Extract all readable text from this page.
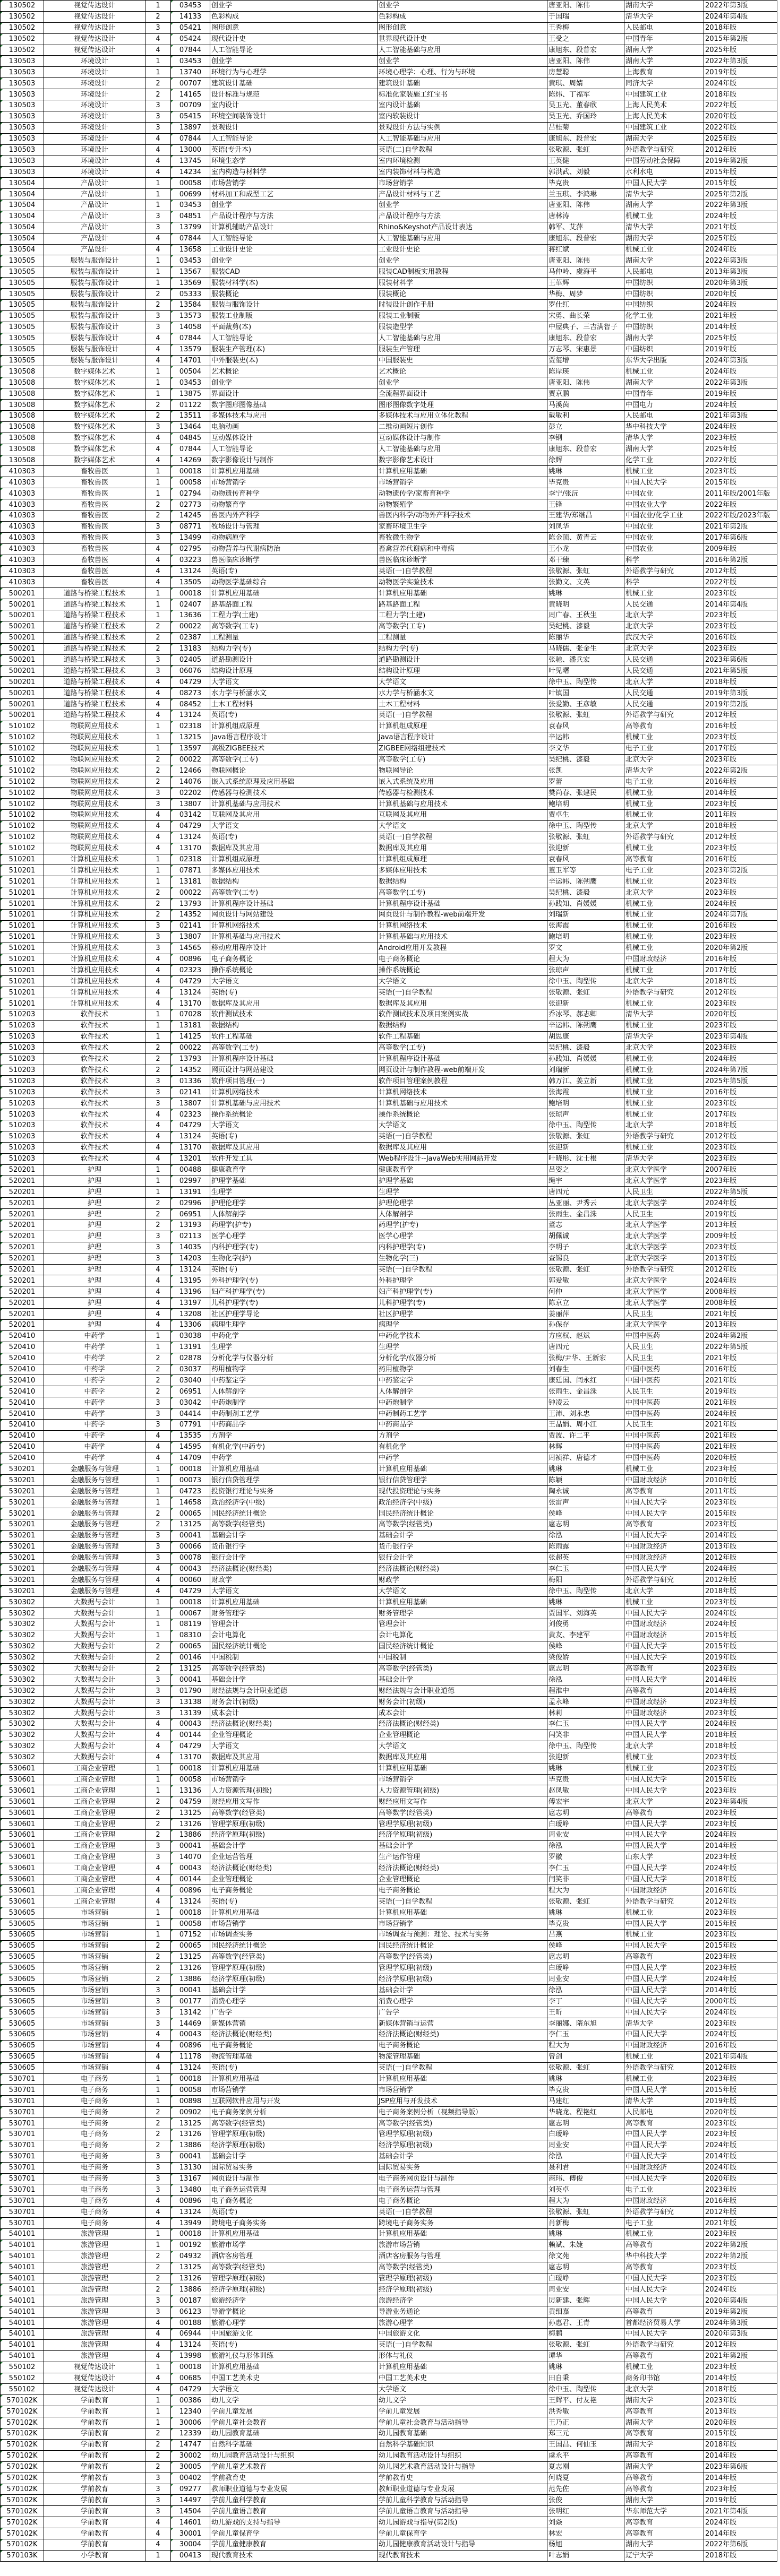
130502	视觉传达设计	1	03453	创业学	创业学	唐亚阳、陈伟	湖南大学	2022年第3版
130502	视觉传达设计	2	14133	色彩构成	色彩构成	于国瑞	清华大学	2024年第4版
130502	视觉传达设计	3	05421	图形创意	图形创意	王秀梅	人民邮电	2018年版
130502	视觉传达设计	4	05424	现代设计史	世界现代设计史	王受之	中国青年	2015年第2版
130502	视觉传达设计	4	07844	人工智能导论	人工智能基础与应用	康旭东、段普宏	湖南大学	2025年版
130503	环境设计	1	03453	创业学	创业学	唐亚阳、陈伟	湖南大学	2022年第3版
130503	环境设计	1	13740	环境行为与心理学	环境心理学：心理、行为与环境	房慧聪	上海教育	2019年版
130503	环境设计	2	00707	建筑设计基础	建筑设计基础	黄琪、周婧	同济大学	2024年版
130503	环境设计	2	14165	设计标准与规范	标准化家装施工红宝书	陈炜、丁福军	中国建筑工业	2018年版
130503	环境设计	3	00709	室内设计	室内设计基础	吴卫光、董春欣	上海人民美术	2022年版
130503	环境设计	3	05415	环境空间装饰设计	室内软装设计	吴卫光、乔国玲	上海人民美术	2020年版
130503	环境设计	3	13897	景观设计	景观设计方法与实例	吕桂菊	中国建筑工业	2022年版
130503	环境设计	4	07844	人工智能导论	人工智能基础与应用	康旭东、段普宏	湖南大学	2025年版
130503	环境设计	4	13000	英语(专升本)	英语(二)自学教程	张敬源、张虹	外语教学与研究	2012年版
130503	环境设计	4	13745	环境生态学	室内环境检测	王英健	中国劳动社会保障	2019年第2版
130503	环境设计	4	14234	室内构造与材料学	室内装饰材料与构造	郭洪武、刘毅	水利水电	2015年版
130504	产品设计	1	00058	市场营销学	市场营销学	毕克贵	中国人民大学	2015年版
130504	产品设计	1	00699	材料加工和成型工艺	产品设计材料与工艺	兰玉琪、李鸿琳	清华大学	2025年第2版
130504	产品设计	1	03453	创业学	创业学	唐亚阳、陈伟	湖南大学	2022年第3版
130504	产品设计	3	04851	产品设计程序与方法	产品设计程序与方法	唐林涛	机械工业	2024年版
130504	产品设计	3	13799	计算机辅助产品设计	Rhino&Keyshot产品设计表达	韩军、艾萍	清华大学	2021年版
130504	产品设计	4	07844	人工智能导论	人工智能基础与应用	康旭东、段普宏	湖南大学	2025年版
130504	产品设计	4	13658	工业设计史论	工业设计史论	蒋红斌	机械工业	2024年版
130505	服装与服饰设计	1	03453	创业学	创业学	唐亚阳、陈伟	湖南大学	2022年第3版
130505	服装与服饰设计	1	13567	服装CAD	服装CAD制板实用教程	马仲岭、虞海平	人民邮电	2013年第3版
130505	服装与服饰设计	1	13569	服装材料学(本)	服装材料学	王革辉	中国纺织	2020年第3版
130505	服装与服饰设计	2	05333	服装概论	服装概论	华梅、周梦	中国纺织	2020年版
130505	服装与服饰设计	2	13584	服装与服饰设计	时装设计创作手册	罗仕红	中国纺织	2024年版
130505	服装与服饰设计	3	13573	服装工业制版	服装工业制版	宋勇、曲长荣	化学工业	2021年版
130505	服装与服饰设计	3	14058	平面裁剪(本)	服装造型学	中屋典子、三吉满智子	中国纺织	2014年版
130505	服装与服饰设计	4	07844	人工智能导论	人工智能基础与应用	康旭东、段普宏	湖南大学	2025年版
130505	服装与服饰设计	4	13579	服装生产管理(本)	服装生产管理	万志琴、宋惠景	中国纺织	2019年版
130505	服装与服饰设计	4	14701	中外服装史(本)	中国服装史	贾玺增	东华大学出版	2024年第3版
130508	数字媒体艺术	1	00504	艺术概论	艺术概论	陈岸瑛	机械工业	2024年版
130508	数字媒体艺术	1	03453	创业学	创业学	唐亚阳、陈伟	湖南大学	2022年第3版
130508	数字媒体艺术	1	13875	界面设计	全流程界面设计	贾京鹏	中国青年	2019年版
130508	数字媒体艺术	2	01122	数字图形图像基础	图形图像数字处理	马溪茵	中国电力	2024年版
130508	数字媒体艺术	2	13511	多媒体技术与应用	多媒体技术与应用立体化教程	戴敏利	人民邮电	2021年第3版
130508	数字媒体艺术	3	13464	电脑动画	二维动画短片创作	彭立	华中科技大学	2024年版
130508	数字媒体艺术	4	04845	互动媒体设计	互动媒体设计与制作	李钢	清华大学	2023年版
130508	数字媒体艺术	4	07844	人工智能导论	人工智能基础与应用	康旭东、段普宏	湖南大学	2025年版
130508	数字媒体艺术	4	14269	数字影像设计与制作	数字影像艺术设计	徐辉	化学工业	2022年版
410303	畜牧兽医	1	00018	计算机应用基础	计算机应用基础	姚琳	机械工业	2023年版
410303	畜牧兽医	1	00058	市场营销学	市场营销学	毕克贵	中国人民大学	2015年版
410303	畜牧兽医	1	02794	动物遗传育种学	动物遗传学/家畜育种学	李宁/张沅	中国农业	2011年版/2001年版
410303	畜牧兽医	2	02773	动物繁育学	动物繁殖学	王锋	中国农业大学	2022年版
410303	畜牧兽医	2	14245	兽医内外产科学	兽医内科学/动物外产科学技术	王建华/郑继昌	中国农业/化学工业	2022年版/2023年版
410303	畜牧兽医	3	08771	牧场设计与管理	家畜环境卫生学	刘凤华	中国农业	2021年第2版
410303	畜牧兽医	3	13499	动物病原学	畜牧微生物学	陈金顶、黄青云	中国农业	2017年第6版
410303	畜牧兽医	4	02795	动物营养与代谢病防治	畜禽营养代谢病和中毒病	王小龙	中国农业	2009年版
410303	畜牧兽医	4	03223	兽医临床诊断学	兽医临床诊断学	邓干臻	科学	2016年第2版
410303	畜牧兽医	4	13124	英语(专)	英语(一)自学教程	张敬源、张虹	外语教学与研究	2012年版
410303	畜牧兽医	4	13505	动物医学基础综合	动物医学实验技术	张勤文、文英	科学	2022年版
500201	道路与桥梁工程技术	1	00018	计算机应用基础	计算机应用基础	姚琳	机械工业	2023年版
500201	道路与桥梁工程技术	1	02407	路基路面工程	路基路面工程	黄晓明	人民交通	2014年第4版
500201	道路与桥梁工程技术	1	13636	工程力学(土建)	工程力学(土建)	周广春、王秋生	北京大学	2023年版
500201	道路与桥梁工程技术	2	00022	高等数学(工专)	高等数学(工专)	吴纪桃、漆毅	北京大学	2023年版
500201	道路与桥梁工程技术	2	02387	工程测量	工程测量	陈丽华	武汉大学	2016年版
500201	道路与桥梁工程技术	2	13183	结构力学(专)	结构力学(专)	马晓儒、张金生	北京大学	2023年版
500201	道路与桥梁工程技术	3	02405	道路勘测设计	道路勘测设计	张驰、潘兵宏	人民交通	2023年第6版
500201	道路与桥梁工程技术	3	06076	结构设计原理	结构设计原理	叶见曙	人民交通	2021年第5版
500201	道路与桥梁工程技术	4	04729	大学语文	大学语文	徐中玉、陶型传	北京大学	2018年版
500201	道路与桥梁工程技术	4	08273	水力学与桥涵水文	水力学与桥涵水文	叶镇国	人民交通	2019年第3版
500201	道路与桥梁工程技术	4	08452	土木工程材料	土木工程材料	张爱勤、王彦敏	人民交通	2019年第2版
500201	道路与桥梁工程技术	4	13124	英语(专)	英语(一)自学教程	张敬源、张虹	外语教学与研究	2012年版
510102	物联网应用技术	1	02318	计算机组成原理	计算机组成原理	袁春风	高等教育	2016年版
510102	物联网应用技术	1	13215	Java语言程序设计	Java语言程序设计	辛运帏	机械工业	2023年版
510102	物联网应用技术	1	13597	高级ZIGBEE技术	ZIGBEE网络组建技术	李文华	电子工业	2017年版
510102	物联网应用技术	2	00022	高等数学(工专)	高等数学(工专)	吴纪桃、漆毅	北京大学	2023年版
510102	物联网应用技术	2	12466	物联网概论	物联网导论	张凯	清华大学	2022年第2版
510102	物联网应用技术	2	14076	嵌入式系统原理及应用基础	嵌入式系统及应用	罗蕾	电子工业	2016年版
510102	物联网应用技术	3	02202	传感器与检测技术	传感器与检测技术	樊尚春、张建民	机械工业	2014年版
510102	物联网应用技术	3	13807	计算机基础与应用技术	计算机基础与应用技术	鲍培明	机械工业	2023年版
510102	物联网应用技术	4	03142	互联网及其应用	互联网及其应用	贾卓生	机械工业	2011年版
510102	物联网应用技术	4	04729	大学语文	大学语文	徐中玉、陶型传	北京大学	2018年版
510102	物联网应用技术	4	13124	英语(专)	英语(一)自学教程	张敬源、张虹	外语教学与研究	2012年版
510102	物联网应用技术	4	13170	数据库及其应用	数据库及其应用	张迎新	机械工业	2023年版
510201	计算机应用技术	1	02318	计算机组成原理	计算机组成原理	袁春风	高等教育	2016年版
510201	计算机应用技术	1	07871	多媒体应用技术	多媒体应用技术	董卫军等	电子工业	2023年第2版
510201	计算机应用技术	1	13181	数据结构	数据结构	辛运帏、陈朔鹰	机械工业	2023年版
510201	计算机应用技术	2	00022	高等数学(工专)	高等数学(工专)	吴纪桃、漆毅	北京大学	2023年版
510201	计算机应用技术	2	13793	计算机程序设计基础	计算机程序设计基础	孙践知、肖媛媛	机械工业	2024年版
510201	计算机应用技术	2	14352	网页设计与网站建设	网页设计与制作教程-web前端开发	刘瑞新	机械工业	2024年第7版
510201	计算机应用技术	3	02141	计算机网络技术	计算机网络技术	张海霞	机械工业	2016年版
510201	计算机应用技术	3	13807	计算机基础与应用技术	计算机基础与应用技术	鲍培明	机械工业	2023年版
510201	计算机应用技术	3	14565	移动应用程序设计	Android应用开发教程	罗文	机械工业	2020年第2版
510201	计算机应用技术	4	00896	电子商务概论	电子商务概论	程大为	中国财政经济	2016年版
510201	计算机应用技术	4	02323	操作系统概论	操作系统概论	张琼声	机械工业	2017年版
510201	计算机应用技术	4	04729	大学语文	大学语文	徐中玉、陶型传	北京大学	2018年版
510201	计算机应用技术	4	13124	英语(专)	英语(一)自学教程	张敬源、张虹	外语教学与研究	2012年版
510201	计算机应用技术	4	13170	数据库及其应用	数据库及其应用	张迎新	机械工业	2023年版
510203	软件技术	1	07028	软件测试技术	软件测试技术及项目案例实战	乔冰琴、郝志卿	清华大学	2020年版
510203	软件技术	1	13181	数据结构	数据结构	辛运帏、陈朔鹰	机械工业	2023年版
510203	软件技术	1	14125	软件工程基础	软件工程基础	胡思康	清华大学	2023年第4版
510203	软件技术	2	00022	高等数学(工专)	高等数学(工专)	吴纪桃、漆毅	北京大学	2023年版
510203	软件技术	2	13793	计算机程序设计基础	计算机程序设计基础	孙践知、肖媛媛	机械工业	2024年版
510203	软件技术	2	14352	网页设计与网站建设	网页设计与制作教程-web前端开发	刘瑞新	机械工业	2024年第7版
510203	软件技术	3	01336	软件项目管理(一)	软件项目管理案例教程	韩万江、姜立新	机械工业	2025年第5版
510203	软件技术	3	02141	计算机网络技术	计算机网络技术	张海霞	机械工业	2016年版
510203	软件技术	3	13807	计算机基础与应用技术	计算机基础与应用技术	鲍培明	机械工业	2023年版
510203	软件技术	4	02323	操作系统概论	操作系统概论	张琼声	机械工业	2017年版
510203	软件技术	4	04729	大学语文	大学语文	徐中玉、陶型传	北京大学	2018年版
510203	软件技术	4	13124	英语(专)	英语(一)自学教程	张敬源、张虹	外语教学与研究	2012年版
510203	软件技术	4	13170	数据库及其应用	数据库及其应用	张迎新	机械工业	2023年版
510203	软件技术	4	13201	软件开发工具	Web程序设计--JavaWeb实用网站开发	叶晓彤、沈士根	清华大学	2023年版
520201	护理	1	00488	健康教育学	健康教育学	吕姿之	北京大学医学	2007年版
520201	护理	1	02997	护理学基础	护理学基础	绳宇	北京大学医学	2023年版
520201	护理	1	13191	生理学	生理学	唐四元	人民卫生	2022年第5版
520201	护理	2	02996	护理伦理学	护理伦理学	丛亚丽、尹秀云	北京大学医学	2024年版
520201	护理	2	06951	人体解剖学	人体解剖学	张雨生、金昌洙	人民卫生	2019年版
520201	护理	2	13193	药理学(护专)	药理学(护专)	董志	北京大学医学	2013年版
520201	护理	3	02113	医学心理学	医学心理学	胡佩诚	北京大学医学	2009年版
520201	护理	3	14035	内科护理学(专)	内科护理学(专)	李明子	北京大学医学	2023年版
520201	护理	3	14203	生物化学(护)	生物化学(三)	查锡良	北京大学医学	2013年版
520201	护理	4	13124	英语(专)	英语(一)自学教程	张敬源、张虹	外语教学与研究	2012年版
520201	护理	4	13195	外科护理学(专)	外科护理学	郭爱敏	北京大学医学	2024年版
520201	护理	4	13196	妇产科护理学(专)	妇产科护理学(专)	何仲	北京大学医学	2008年版
520201	护理	4	13197	儿科护理学(专)	儿科护理学(专)	陈京立	北京大学医学	2008年版
520201	护理	4	13208	社区护理学导论	社区护理学	姜丽萍	人民卫生	2021年版
520201	护理	4	13306	病理生理学	病理学	孙保存	北京大学医学	2013年版
520410	中药学	1	03038	中药化学	中药化学技术	方应权、赵斌	中国中医药	2024年第2版
520410	中药学	1	13191	生理学	生理学	唐四元	人民卫生	2022年第5版
520410	中药学	2	02878	分析化学与仪器分析	分析化学/仪器分析	张梅/尹华、王新宏	人民卫生	2021年版
520410	中药学	2	03037	药用植物学	药用植物学	刘春生	中国中医药	2016年版
520410	中药学	2	03040	中药鉴定学	中药鉴定学	康廷国、闫永红	中国中医药	2021年版
520410	中药学	2	06951	人体解剖学	人体解剖学	张雨生、金昌洙	人民卫生	2019年版
520410	中药学	3	03042	中药炮制学	中药炮制学	钟凌云	中国中医药	2021年版
520410	中药学	3	04414	中药制剂工艺学	中药制药工艺学	王沛、刘永忠	中国中医药	2024年版
520410	中药学	3	07791	中药商品学	中药商品学	王晶娟、周小江	人民卫生	2021年版
520410	中药学	4	13535	方剂学	方剂学	贾波、许二平	中国中医药	2021年版
520410	中药学	4	14595	有机化学(中药专)	有机化学	林辉	中国中医药	2021年版
520410	中药学	4	14709	中药学	中药学	周祯祥、唐德才	中国中医药	2020年版
530201	金融服务与管理	1	00018	计算机应用基础	计算机应用基础	姚琳	机械工业	2023年版
530201	金融服务与管理	1	00073	银行信贷管理学	银行信贷管理学	陈颖	中国财政经济	2010年版
530201	金融服务与管理	1	04723	投资银行理论与实务	现代投资理论与实务	陶永诚	高等教育	2011年版
530201	金融服务与管理	1	14658	政治经济学(中级)	政治经济学(中级)	张雷声	中国人民大学	2023年版
530201	金融服务与管理	2	00065	国民经济统计概论	国民经济统计概论	侯峰	中国人民大学	2015年版
530201	金融服务与管理	2	13125	高等数学(经管类)	高等数学(经管类)	扈志明	高等教育	2023年版
530201	金融服务与管理	3	00041	基础会计学	基础会计学	徐泓	中国人民大学	2014年版
530201	金融服务与管理	3	00066	货币银行学	货币银行学	陈雨露	中国财政经济	2013年版
530201	金融服务与管理	3	00078	银行会计学	银行会计学	张超英	中国财政经济	2012年版
530201	金融服务与管理	4	00043	经济法概论(财经类)	经济法概论(财经类)	李仁玉	中国人民大学	2024年版
530201	金融服务与管理	4	00060	财政学	财政学	梅阳	外语教学与研究	2012年版
530201	金融服务与管理	4	04729	大学语文	大学语文	徐中玉、陶型传	北京大学	2018年版
530302	大数据与会计	1	00018	计算机应用基础	计算机应用基础	姚琳	机械工业	2023年版
530302	大数据与会计	1	00067	财务管理学	财务管理学	贾国军、刘海英	中国人民大学	2024年版
530302	大数据与会计	1	08119	管理会计	管理会计	刘俊勇	中国财政经济	2024年版
530302	大数据与会计	1	08310	会计电算化	会计电算化	黄友、李建军	中国财政经济	2015年版
530302	大数据与会计	2	00065	国民经济统计概论	国民经济统计概论	侯峰	中国人民大学	2015年版
530302	大数据与会计	2	00146	中国税制	中国税制	梁俊娇	中国人民大学	2019年版
530302	大数据与会计	2	13125	高等数学(经管类)	高等数学(经管类)	扈志明	高等教育	2023年版
530302	大数据与会计	3	00041	基础会计学	基础会计学	徐泓	中国人民大学	2014年版
530302	大数据与会计	3	01790	财经法规与会计职业道德	财经法规与会计职业道德	程淮中	高等教育	2014年版
530302	大数据与会计	3	13138	财务会计(初级)	财务会计(初级)	孟永峰	中国财政经济	2023年版
530302	大数据与会计	3	13139	成本会计	成本会计	林莉	中国财政经济	2023年版
530302	大数据与会计	4	00043	经济法概论(财经类)	经济法概论(财经类)	李仁玉	中国人民大学	2024年版
530302	大数据与会计	4	00144	企业管理概论	企业管理概论	闫笑非	中国人民大学	2018年版
530302	大数据与会计	4	04729	大学语文	大学语文	徐中玉、陶型传	北京大学	2018年版
530302	大数据与会计	4	13170	数据库及其应用	数据库及其应用	张迎新	机械工业	2023年版
530601	工商企业管理	1	00018	计算机应用基础	计算机应用基础	姚琳	机械工业	2023年版
530601	工商企业管理	1	00058	市场营销学	市场营销学	毕克贵	中国人民大学	2015年版
530601	工商企业管理	1	13136	人力资源管理(初级)	人力资源管理(初级)	赵凤敏	中国人民大学	2023年版
530601	工商企业管理	2	04759	财经应用文写作	财经应用文写作	傅宏宇	北京大学	2023年第4版
530601	工商企业管理	2	13125	高等数学(经管类)	高等数学(经管类)	扈志明	高等教育	2023年版
530601	工商企业管理	2	13126	管理学原理(初级)	管理学原理(初级)	白瑷峥	中国人民大学	2023年版
530601	工商企业管理	2	13886	经济学原理(初级)	经济学原理(初级)	周业安	中国人民大学	2024年版
530601	工商企业管理	3	00041	基础会计学	基础会计学	徐泓	中国人民大学	2014年版
530601	工商企业管理	3	14070	企业运营管理	生产运作管理	罗徽	山东大学	2023年版
530601	工商企业管理	4	00043	经济法概论(财经类)	经济法概论(财经类)	李仁玉	中国人民大学	2024年版
530601	工商企业管理	4	00144	企业管理概论	企业管理概论	闫笑非	中国人民大学	2018年版
530601	工商企业管理	4	00896	电子商务概论	电子商务概论	程大为	中国财政经济	2016年版
530601	工商企业管理	4	13124	英语(专)	英语(一)自学教程	张敬源、张虹	外语教学与研究	2012年版
530605	市场营销	1	00018	计算机应用基础	计算机应用基础	姚琳	机械工业	2023年版
530605	市场营销	1	00058	市场营销学	市场营销学	毕克贵	中国人民大学	2015年版
530605	市场营销	1	07152	市场调查实务	市场调查与预测：理论、技术与实务	吕燕	机械工业	2023年版
530605	市场营销	2	00065	国民经济统计概论	国民经济统计概论	侯峰	中国人民大学	2015年版
530605	市场营销	2	13125	高等数学(经管类)	高等数学(经管类)	扈志明	高等教育	2023年版
530605	市场营销	2	13126	管理学原理(初级)	管理学原理(初级)	白瑷峥	中国人民大学	2023年版
530605	市场营销	2	13886	经济学原理(初级)	经济学原理(初级)	周业安	中国人民大学	2024年版
530605	市场营销	3	00041	基础会计学	基础会计学	徐泓	中国人民大学	2014年版
530605	市场营销	3	00177	消费心理学	消费心理学	李丁	中国人民大学	2000年版
530605	市场营销	3	13142	广告学	广告学	王昕	中国人民大学	2024年版
530605	市场营销	3	14469	新媒体营销	新媒体营销与运营	李丽娜、隋东旭	清华大学	2023年版
530605	市场营销	4	00043	经济法概论(财经类)	经济法概论(财经类)	李仁玉	中国人民大学	2024年版
530605	市场营销	4	00896	电子商务概论	电子商务概论	程大为	中国财政经济	2016年版
530605	市场营销	4	11178	物流管理基础	物流管理基础	曾剑	机械工业	2021年第4版
530605	市场营销	4	13124	英语(专)	英语(一)自学教程	张敬源、张虹	外语教学与研究	2012年版
530701	电子商务	1	00018	计算机应用基础	计算机应用基础	姚琳	机械工业	2023年版
530701	电子商务	1	00058	市场营销学	市场营销学	毕克贵	中国人民大学	2015年版
530701	电子商务	1	00898	互联网软件应用与开发	JSP应用与开发技术	马建红	清华大学	2019年版
530701	电子商务	2	00902	电子商务案例分析	电子商务案例分析（视频指导版）	华晓龙、程艳红	人民邮电	2020年版
530701	电子商务	2	13125	高等数学(经管类)	高等数学(经管类)	扈志明	高等教育	2023年版
530701	电子商务	2	13126	管理学原理(初级)	管理学原理(初级)	白瑷峥	中国人民大学	2023年版
530701	电子商务	2	13886	经济学原理(初级)	经济学原理(初级)	周业安	中国人民大学	2024年版
530701	电子商务	3	00041	基础会计学	基础会计学	徐泓	中国人民大学	2014年版
530701	电子商务	3	13130	国际贸易实务	国际贸易实务	聂利君	中国财政经济	2024年版
530701	电子商务	3	13167	网页设计与制作	电子商务网页设计与制作	商玮、傅俊	中国人民大学	2020年版
530701	电子商务	3	13480	电子商务运营管理	电子商务运营与管理	刘英卓	电子工业	2023年版
530701	电子商务	4	00896	电子商务概论	电子商务概论	程大为	中国财政经济	2016年版
530701	电子商务	4	13124	英语(专)	英语(一)自学教程	张敬源、张虹	外语教学与研究	2012年版
530701	电子商务	4	13949	跨境电子商务实务	跨境电子商务实务	肖新梅	电子工业	2021年版
540101	旅游管理	1	00018	计算机应用基础	计算机应用基础	姚琳	机械工业	2023年版
540101	旅游管理	1	00192	旅游市场学	旅游市场营销	赖斌、朱婕	高等教育	2022年第2版
540101	旅游管理	2	04932	酒店客房管理	酒店客房服务与管理	徐文苑	华中科技大学	2022年第2版
540101	旅游管理	2	13125	高等数学(经管类)	高等数学(经管类)	扈志明	高等教育	2023年版
540101	旅游管理	2	13126	管理学原理(初级)	管理学原理(初级)	白瑷峥	中国人民大学	2023年版
540101	旅游管理	2	13886	经济学原理(初级)	经济学原理(初级)	周业安	中国人民大学	2024年版
540101	旅游管理	3	00187	旅游经济学	旅游经济学	厉新建、张辉	中国人民大学	2020年第4版
540101	旅游管理	3	06123	导游学概论	导游业务通论	黄细嘉	高等教育	2019年第2版
540101	旅游管理	4	00188	旅游心理学	旅游心理学	孙惠君、王青	首都经济贸易大学	2024年第3版
540101	旅游管理	4	06944	中国旅游文化	中国旅游文化	梅鹏	中国人民大学	2020年第3版
540101	旅游管理	4	13124	英语(专)	英语(一)自学教程	张敬源、张虹	外语教学与研究	2012年版
540101	旅游管理	4	13998	旅游礼仪与形体训练	形体与礼仪	谭华	高等教育	2021年第2版
550102	视觉传达设计	1	00018	计算机应用基础	计算机应用基础	姚琳	机械工业	2023年版
550102	视觉传达设计	4	00685	中国工艺美术史	中国工艺美术史	田自秉	商务印书馆	2014年版
550102	视觉传达设计	4	04729	大学语文	大学语文	徐中玉、陶型传	北京大学	2018年版
570102K	学前教育	1	00386	幼儿文学	幼儿文学	王辉平、付友艳	湖南大学	2023年版
570102K	学前教育	1	12340	学前儿童发展	学前儿童发展	洪秀敏	高等教育	2013年版
570102K	学前教育	1	30006	学前儿童社会教育	学前儿童社会教育与活动指导	王乃正	湖南大学	2020年版
570102K	学前教育	2	12339	幼儿园教育基础	幼儿园教育基础	郑三元	高等教育	2015年版
570102K	学前教育	2	14747	自然科学基础	自然科学基础知识	王国昌、何仙玉	湖南大学	2018年版
570102K	学前教育	2	30002	幼儿园教育活动设计与组织	幼儿园教育活动设计与组织	虞永平	高等教育	2014年版
570102K	学前教育	2	30005	学前儿童艺术教育	幼儿园艺术教育活动设计与指导	夏志刚	湖南大学	2023年第6版
570102K	学前教育	3	00402	学前教育史	学前教育史	何晓夏	高等教育	2014年版
570102K	学前教育	3	09277	教师职业道德与专业发展	教师职业道德与专业发展	范先佐	高等教育	2023年版
570102K	学前教育	3	14497	学前儿童科学教育	学前儿童科学教育与活动指导	张俊	湖南大学	2019年版
570102K	学前教育	3	14504	学前儿童语言教育	学前儿童语言教育与活动指导	张明红	华东师范大学	2021年第4版
570102K	学前教育	4	14601	幼儿游戏的支持与指导	幼儿园游戏与指导(第2版)	刘焱	高等教育	2024年版
570102K	学前教育	4	30001	学前儿童保育学	学前儿童保育学	林宏	高等教育	2014年版
570102K	学前教育	4	30004	学前儿童健康教育	幼儿园健康教育活动设计与指导	杨旭	湖南大学	2022年第6版
570103K	小学教育	1	00413	现代教育技术	现代教育技术	叶志娟	辽宁大学	2018年版
